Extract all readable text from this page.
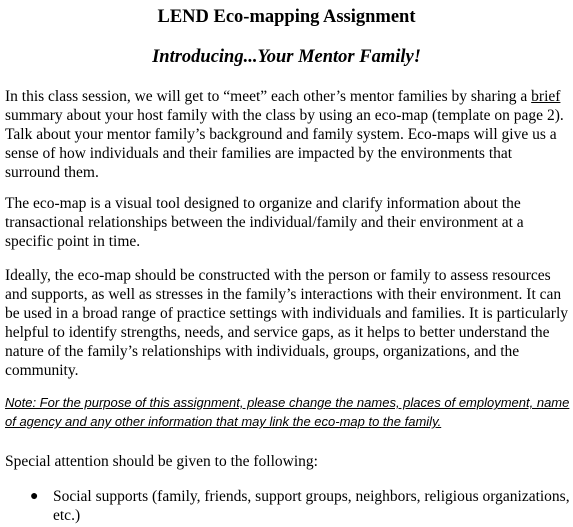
LEND Eco-mapping Assignment
Introducing...Your Mentor Family!
In this class session, we will get to “meet” each other’s mentor families by sharing a brief summary about your host family with the class by using an eco-map (template on page 2). Talk about your mentor family’s background and family system. Eco-maps will give us a sense of how individuals and their families are impacted by the environments that surround them.
The eco-map is a visual tool designed to organize and clarify information about the transactional relationships between the individual/family and their environment at a specific point in time.
Ideally, the eco-map should be constructed with the person or family to assess resources and supports, as well as stresses in the family’s interactions with their environment. It can be used in a broad range of practice settings with individuals and families. It is particularly helpful to identify strengths, needs, and service gaps, as it helps to better understand the nature of the family’s relationships with individuals, groups, organizations, and the community.
Note: For the purpose of this assignment, please change the names, places of employment, name of agency and any other information that may link the eco-map to the family.
Special attention should be given to the following:
● Social supports (family, friends, support groups, neighbors, religious organizations, etc.)
